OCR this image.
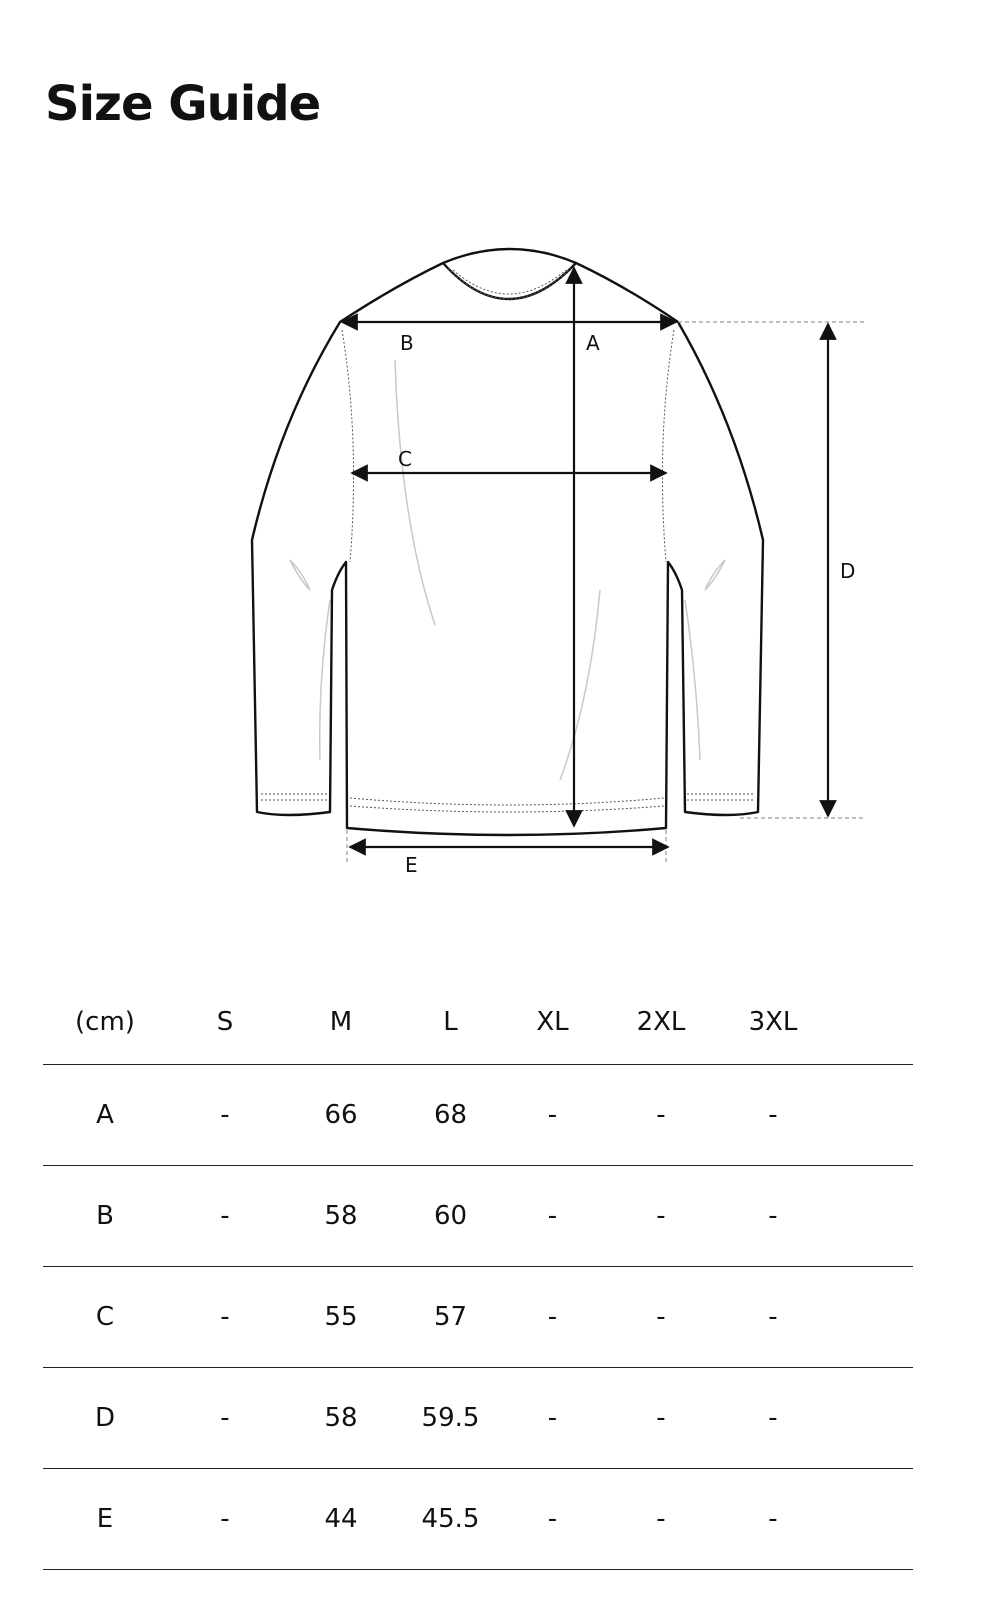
Size Guide
B	A
C
D
E
(cm)	S	M	L	XL	2XL	3XL	
A	-	66	68	-	-	-	
B	-	58	60	-	-	-	
C	-	55	57	-	-	-	
D	-	58	59.5	-	-	-	
E	-	44	45.5	-	-	-	
